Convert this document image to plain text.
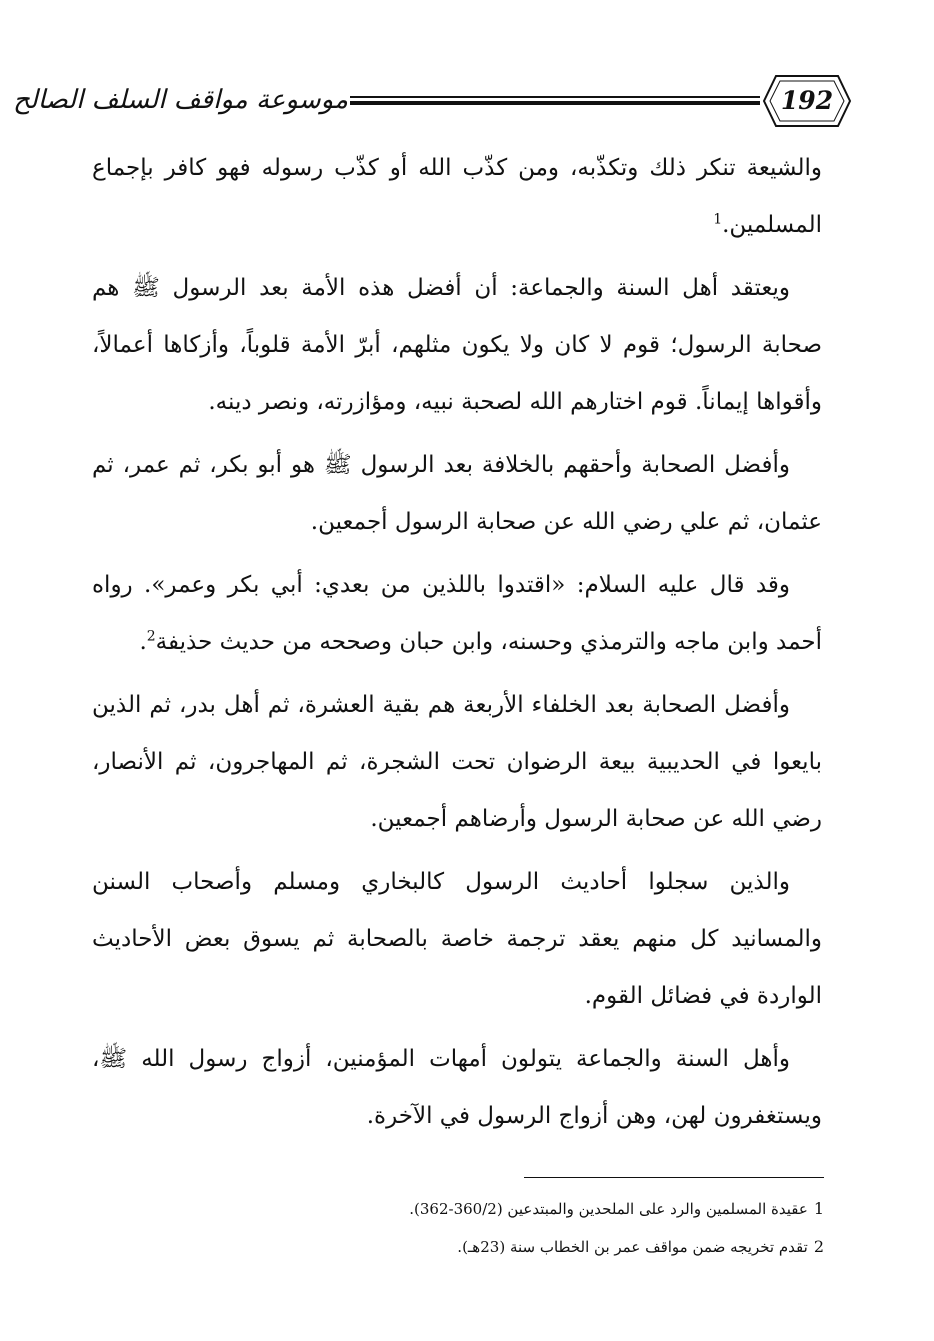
موسوعة مواقف السلف الصالح	192

والشيعة تنكر ذلك وتكذّبه، ومن كذّب الله أو كذّب رسوله فهو كافر بإجماع المسلمين.$^1$

ويعتقد أهل السنة والجماعة: أن أفضل هذه الأمة بعد الرسول ﷺ هم صحابة الرسول؛ قوم لا كان ولا يكون مثلهم، أبرّ الأمة قلوباً، وأزكاها أعمالاً، وأقواها إيماناً. قوم اختارهم الله لصحبة نبيه، ومؤازرته، ونصر دينه.

وأفضل الصحابة وأحقهم بالخلافة بعد الرسول ﷺ هو أبو بكر، ثم عمر، ثم عثمان، ثم علي رضي الله عن صحابة الرسول أجمعين.

وقد قال عليه السلام: «اقتدوا باللذين من بعدي: أبي بكر وعمر». رواه أحمد وابن ماجه والترمذي وحسنه، وابن حبان وصححه من حديث حذيفة$^2$.

وأفضل الصحابة بعد الخلفاء الأربعة هم بقية العشرة، ثم أهل بدر، ثم الذين بايعوا في الحديبية بيعة الرضوان تحت الشجرة، ثم المهاجرون، ثم الأنصار، رضي الله عن صحابة الرسول وأرضاهم أجمعين.

والذين سجلوا أحاديث الرسول كالبخاري ومسلم وأصحاب السنن والمسانيد كل منهم يعقد ترجمة خاصة بالصحابة ثم يسوق بعض الأحاديث الواردة في فضائل القوم.

وأهل السنة والجماعة يتولون أمهات المؤمنين، أزواج رسول الله ﷺ، ويستغفرون لهن، وهن أزواج الرسول في الآخرة.

1عقيدة المسلمين والرد على الملحدين والمبتدعين (360/2-362).

2تقدم تخريجه ضمن مواقف عمر بن الخطاب سنة (23هـ).
